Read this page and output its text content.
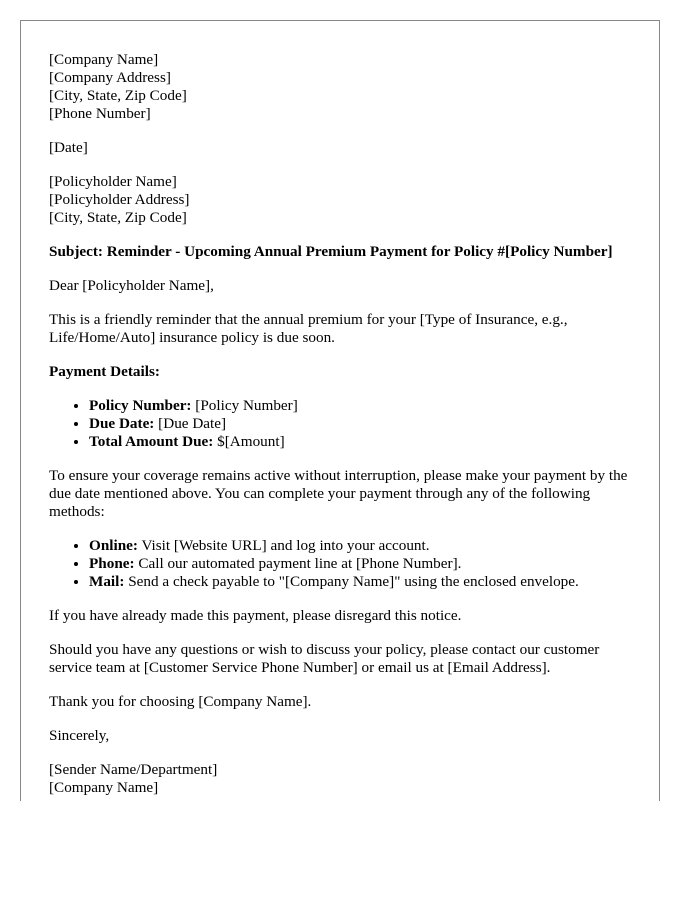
[Company Name]
[Company Address]
[City, State, Zip Code]
[Phone Number]

[Date]

[Policyholder Name]
[Policyholder Address]
[City, State, Zip Code]

Subject: Reminder - Upcoming Annual Premium Payment for Policy #[Policy Number]

Dear [Policyholder Name],

This is a friendly reminder that the annual premium for your [Type of Insurance, e.g., Life/Home/Auto] insurance policy is due soon.

Payment Details:

• Policy Number: [Policy Number]
• Due Date: [Due Date]
• Total Amount Due: $[Amount]

To ensure your coverage remains active without interruption, please make your payment by the due date mentioned above. You can complete your payment through any of the following methods:

• Online: Visit [Website URL] and log into your account.
• Phone: Call our automated payment line at [Phone Number].
• Mail: Send a check payable to "[Company Name]" using the enclosed envelope.

If you have already made this payment, please disregard this notice.

Should you have any questions or wish to discuss your policy, please contact our customer service team at [Customer Service Phone Number] or email us at [Email Address].

Thank you for choosing [Company Name].

Sincerely,

[Sender Name/Department]
[Company Name]
